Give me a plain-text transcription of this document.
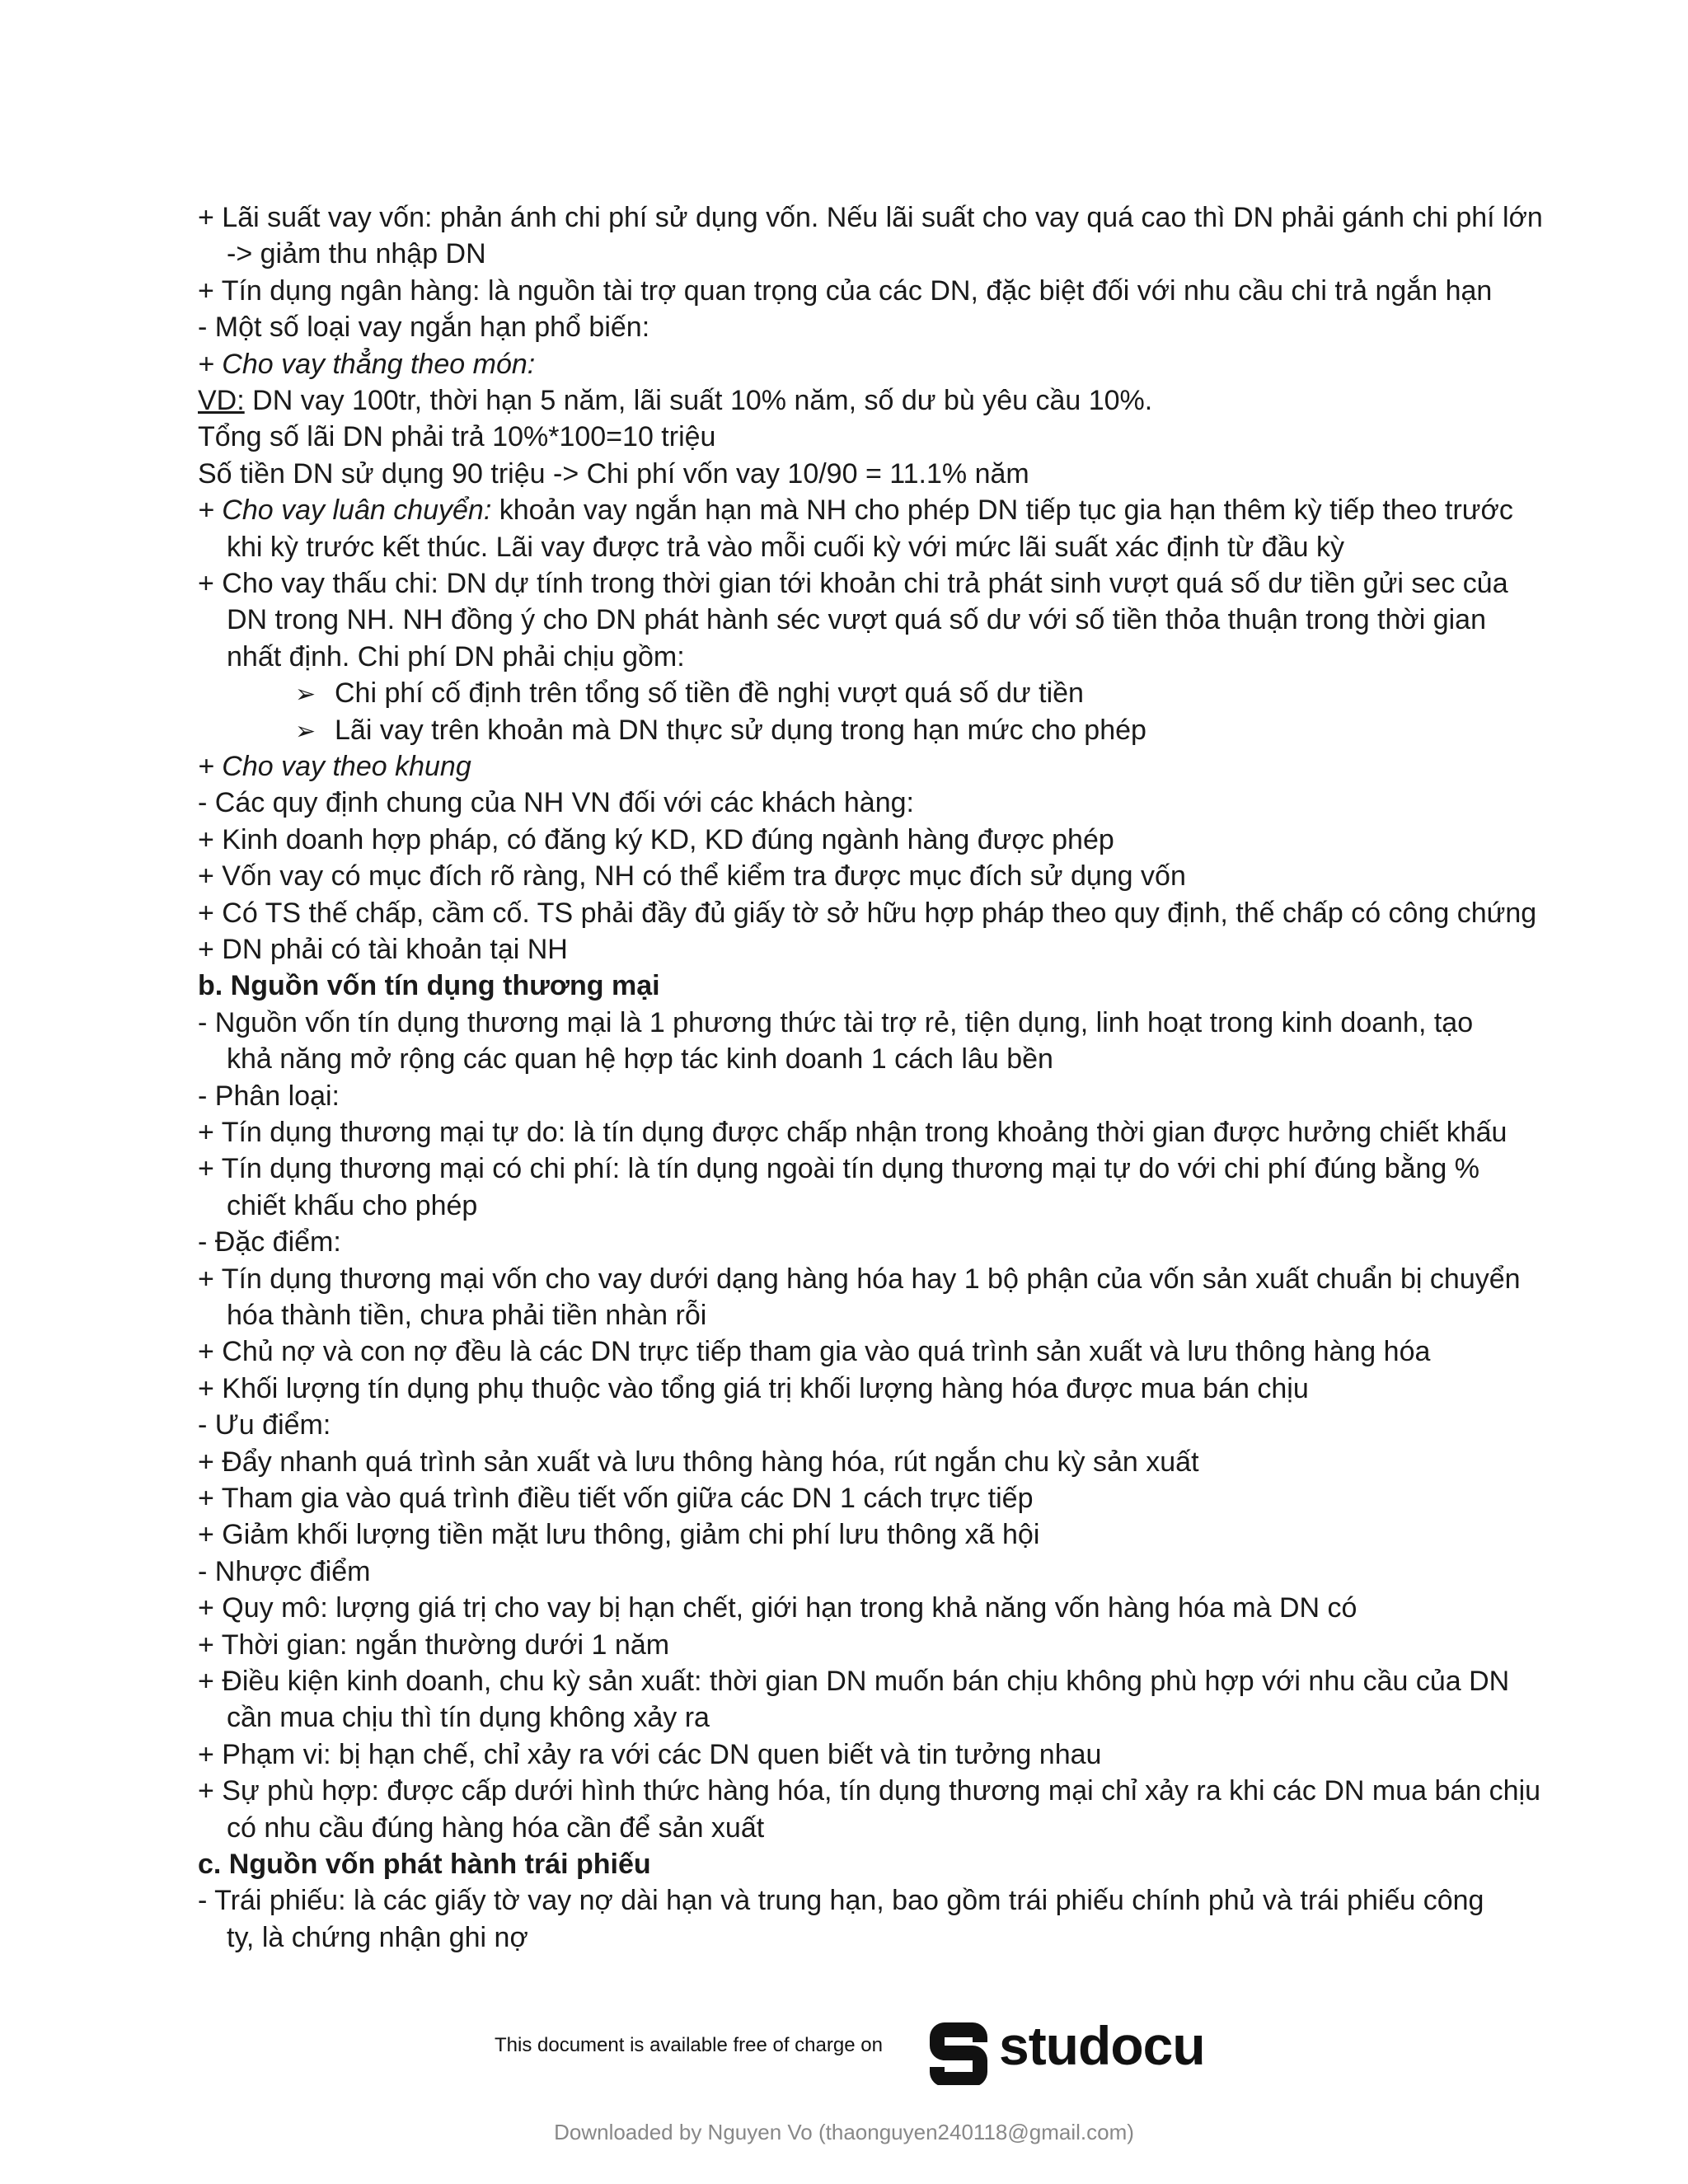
+ Lãi suất vay vốn: phản ánh chi phí sử dụng vốn. Nếu lãi suất cho vay quá cao thì DN phải gánh chi phí lớn
-> giảm thu nhập DN
+ Tín dụng ngân hàng: là nguồn tài trợ quan trọng của các DN, đặc biệt đối với nhu cầu chi trả ngắn hạn
- Một số loại vay ngắn hạn phổ biến:
+ Cho vay thẳng theo món:
VD: DN vay 100tr, thời hạn 5 năm, lãi suất 10% năm, số dư bù yêu cầu 10%.
Tổng số lãi DN phải trả 10%*100=10 triệu
Số tiền DN sử dụng 90 triệu -> Chi phí vốn vay 10/90 = 11.1% năm
+ Cho vay luân chuyển: khoản vay ngắn hạn mà NH cho phép DN tiếp tục gia hạn thêm kỳ tiếp theo trước
khi kỳ trước kết thúc. Lãi vay được trả vào mỗi cuối kỳ với mức lãi suất xác định từ đầu kỳ
+ Cho vay thấu chi: DN dự tính trong thời gian tới khoản chi trả phát sinh vượt quá số dư tiền gửi sec của
DN trong NH. NH đồng ý cho DN phát hành séc vượt quá số dư với số tiền thỏa thuận trong thời gian
nhất định. Chi phí DN phải chịu gồm:
➢ Chi phí cố định trên tổng số tiền đề nghị vượt quá số dư tiền
➢ Lãi vay trên khoản mà DN thực sử dụng trong hạn mức cho phép
+ Cho vay theo khung
- Các quy định chung của NH VN đối với các khách hàng:
+ Kinh doanh hợp pháp, có đăng ký KD, KD đúng ngành hàng được phép
+ Vốn vay có mục đích rõ ràng, NH có thể kiểm tra được mục đích sử dụng vốn
+ Có TS thế chấp, cầm cố. TS phải đầy đủ giấy tờ sở hữu hợp pháp theo quy định, thế chấp có công chứng
+ DN phải có tài khoản tại NH
b. Nguồn vốn tín dụng thương mại
- Nguồn vốn tín dụng thương mại là 1 phương thức tài trợ rẻ, tiện dụng, linh hoạt trong kinh doanh, tạo
khả năng mở rộng các quan hệ hợp tác kinh doanh 1 cách lâu bền
- Phân loại:
+ Tín dụng thương mại tự do: là tín dụng được chấp nhận trong khoảng thời gian được hưởng chiết khấu
+ Tín dụng thương mại có chi phí: là tín dụng ngoài tín dụng thương mại tự do với chi phí đúng bằng %
chiết khấu cho phép
- Đặc điểm:
+ Tín dụng thương mại vốn cho vay dưới dạng hàng hóa hay 1 bộ phận của vốn sản xuất chuẩn bị chuyển
hóa thành tiền, chưa phải tiền nhàn rỗi
+ Chủ nợ và con nợ đều là các DN trực tiếp tham gia vào quá trình sản xuất và lưu thông hàng hóa
+ Khối lượng tín dụng phụ thuộc vào tổng giá trị khối lượng hàng hóa được mua bán chịu
- Ưu điểm:
+ Đẩy nhanh quá trình sản xuất và lưu thông hàng hóa, rút ngắn chu kỳ sản xuất
+ Tham gia vào quá trình điều tiết vốn giữa các DN 1 cách trực tiếp
+ Giảm khối lượng tiền mặt lưu thông, giảm chi phí lưu thông xã hội
- Nhược điểm
+ Quy mô: lượng giá trị cho vay bị hạn chết, giới hạn trong khả năng vốn hàng hóa mà DN có
+ Thời gian: ngắn thường dưới 1 năm
+ Điều kiện kinh doanh, chu kỳ sản xuất: thời gian DN muốn bán chịu không phù hợp với nhu cầu của DN
cần mua chịu thì tín dụng không xảy ra
+ Phạm vi: bị hạn chế, chỉ xảy ra với các DN quen biết và tin tưởng nhau
+ Sự phù hợp: được cấp dưới hình thức hàng hóa, tín dụng thương mại chỉ xảy ra khi các DN mua bán chịu
có nhu cầu đúng hàng hóa cần để sản xuất
c. Nguồn vốn phát hành trái phiếu
- Trái phiếu: là các giấy tờ vay nợ dài hạn và trung hạn, bao gồm trái phiếu chính phủ và trái phiếu công
ty, là chứng nhận ghi nợ
This document is available free of charge on studocu
Downloaded by Nguyen Vo (thaonguyen240118@gmail.com)
